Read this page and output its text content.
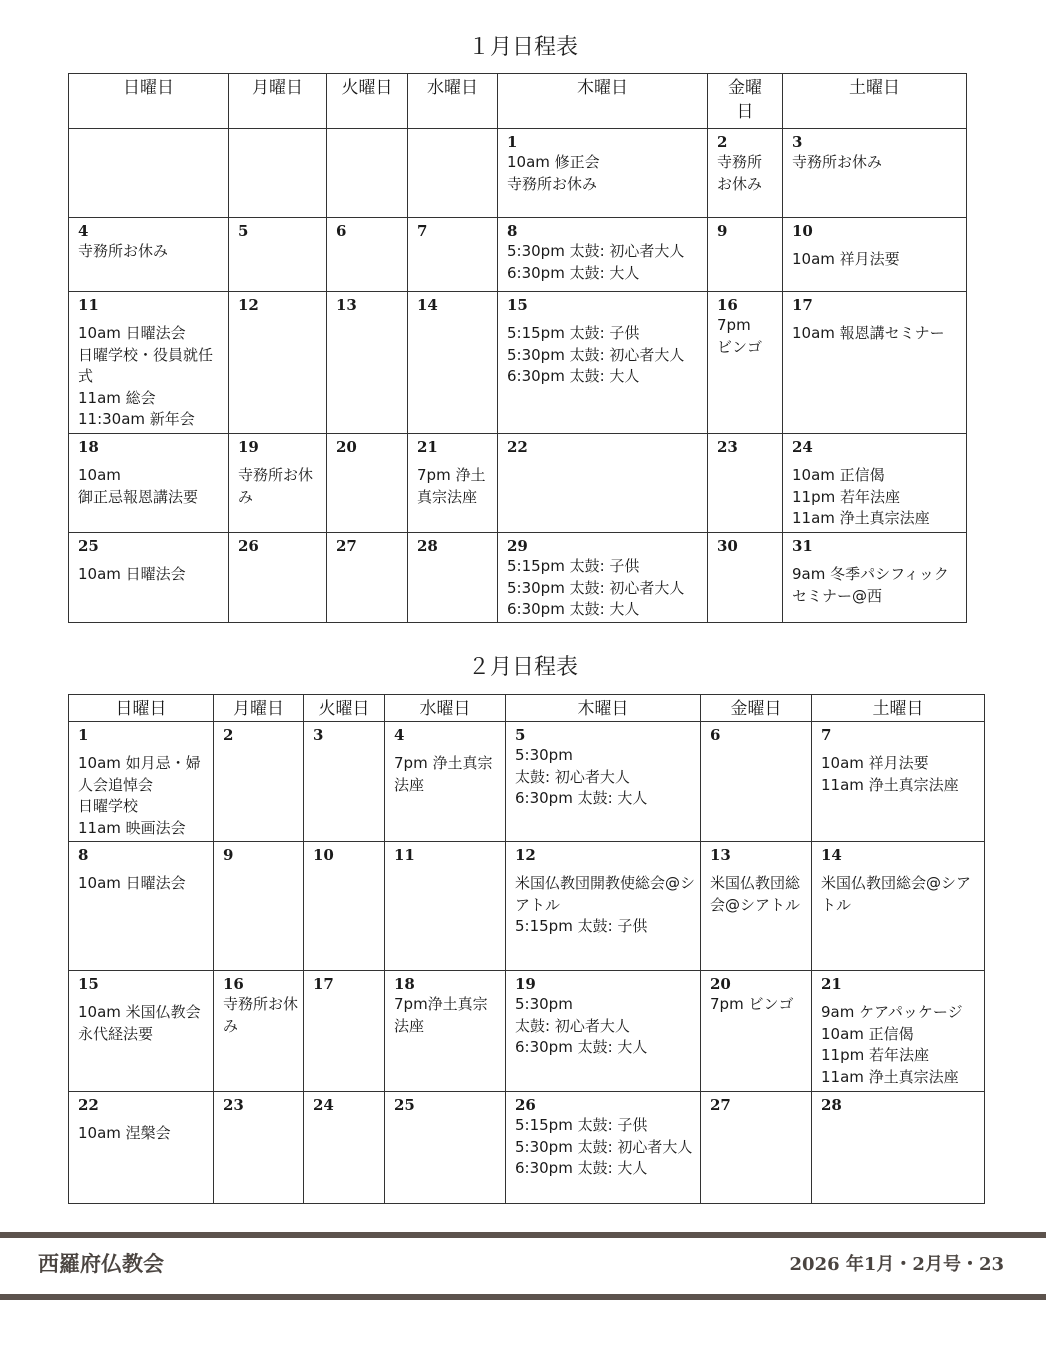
１月日程表
日曜日	月曜日	火曜日	水曜日	木曜日	金曜
日	土曜日

				1
10am 修正会
寺務所お休み	2
寺務所
お休み	3
寺務所お休み

4
寺務所お休み	5	6	7	8
5:30pm 太鼓: 初心者大人
6:30pm 太鼓: 大人	9	10
10am 祥月法要

11
10am 日曜法会
日曜学校・役員就任式
11am 総会
11:30am 新年会	12	13	14	15
5:15pm 太鼓: 子供
5:30pm 太鼓: 初心者大人
6:30pm 太鼓: 大人	16
7pm
ビンゴ	17
10am 報恩講セミナー

18
10am
御正忌報恩講法要	19
寺務所お休み	20	21
7pm 浄土真宗法座	22	23	24
10am 正信偈
11pm 若年法座
11am 浄土真宗法座

25
10am 日曜法会	26	27	28	29
5:15pm 太鼓: 子供
5:30pm 太鼓: 初心者大人
6:30pm 太鼓: 大人	30	31
9am 冬季パシフィック
セミナー@西
２月日程表
日曜日	月曜日	火曜日	水曜日	木曜日	金曜日	土曜日

1
10am 如月忌・婦人会追悼会
日曜学校
11am 映画法会	2	3	4
7pm 浄土真宗法座	5
5:30pm
太鼓: 初心者大人
6:30pm 太鼓: 大人	6	7
10am 祥月法要
11am 浄土真宗法座

8
10am 日曜法会	9	10	11	12
米国仏教団開教使総会@シアトル
5:15pm 太鼓: 子供	13
米国仏教団総会@シアトル	14
米国仏教団総会@シアトル

15
10am 米国仏教会永代経法要	16
寺務所お休み	17	18
7pm浄土真宗法座	19
5:30pm
太鼓: 初心者大人
6:30pm 太鼓: 大人	20
7pm ビンゴ	21
9am ケアパッケージ
10am 正信偈
11pm 若年法座
11am 浄土真宗法座

22
10am 涅槃会	23	24	25	26
5:15pm 太鼓: 子供
5:30pm 太鼓: 初心者大人
6:30pm 太鼓: 大人	27	28
西羅府仏教会	2026 年1月・2月号・23
